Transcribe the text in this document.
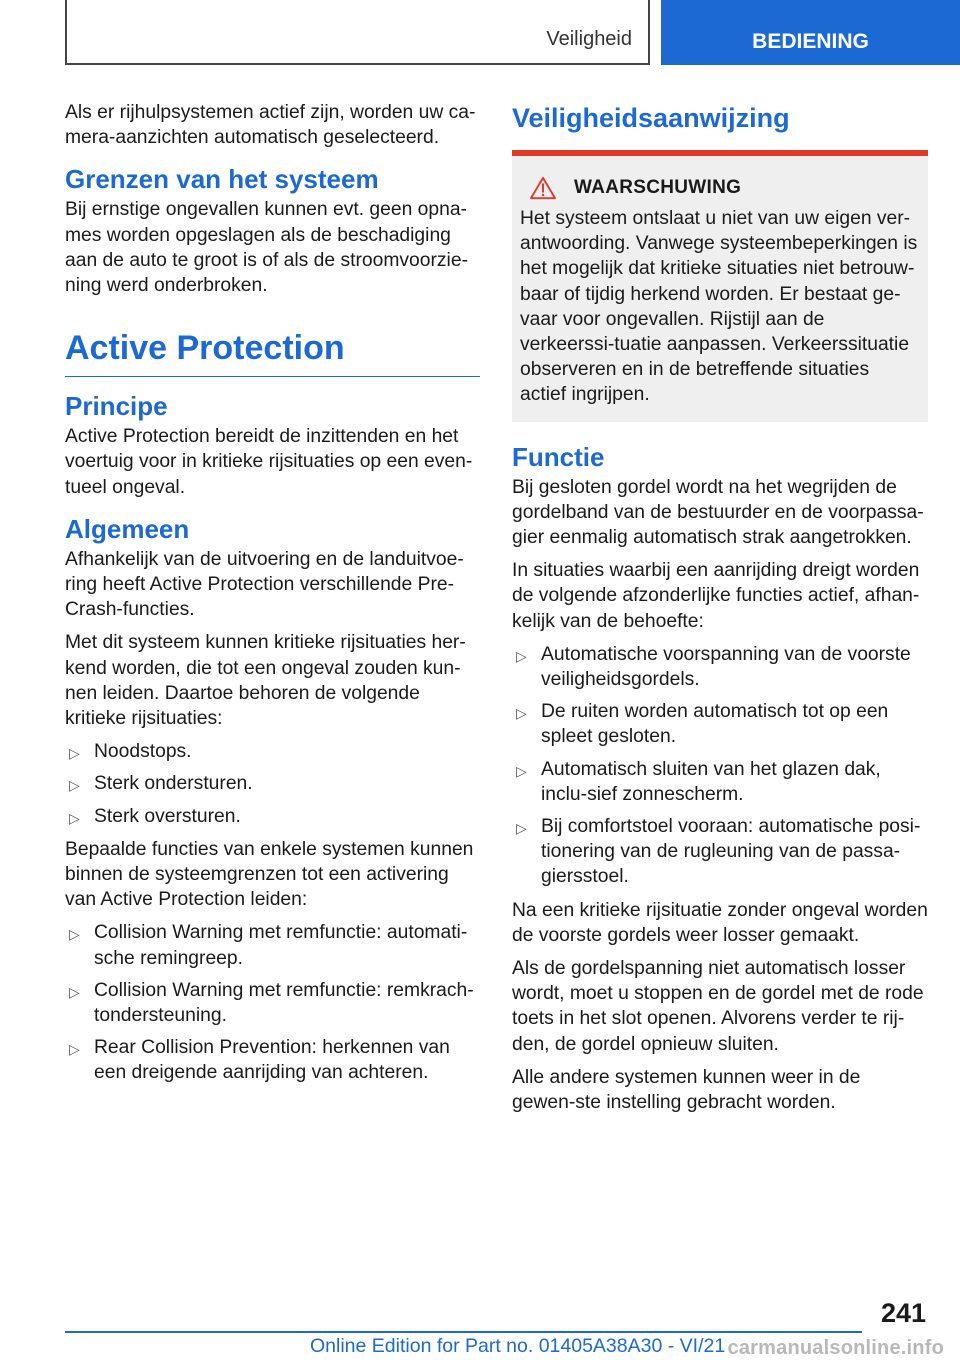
Veiligheid	BEDIENING

Als er rijhulpsystemen actief zijn, worden uw ca-mera-aanzichten automatisch geselecteerd.

Grenzen van het systeem

Bij ernstige ongevallen kunnen evt. geen opna-mes worden opgeslagen als de beschadiging aan de auto te groot is of als de stroomvoorzie-ning werd onderbroken.

Active Protection
Principe

Active Protection bereidt de inzittenden en het voertuig voor in kritieke rijsituaties op een even-tueel ongeval.

Algemeen

Afhankelijk van de uitvoering en de landuitvoe-ring heeft Active Protection verschillende Pre-Crash-functies.

Met dit systeem kunnen kritieke rijsituaties her-kend worden, die tot een ongeval zouden kun-nen leiden. Daartoe behoren de volgende kritieke rijsituaties:

▷ Noodstops.
▷ Sterk ondersturen.
▷ Sterk oversturen.

Bepaalde functies van enkele systemen kunnen binnen de systeemgrenzen tot een activering van Active Protection leiden:

▷ Collision Warning met remfunctie: automati-sche remingreep.
▷ Collision Warning met remfunctie: remkrach-tondersteuning.
▷ Rear Collision Prevention: herkennen van een dreigende aanrijding van achteren.
Veiligheidsaanwijzing
WAARSCHUWING

Het systeem ontslaat u niet van uw eigen ver-antwoording. Vanwege systeembeperkingen is het mogelijk dat kritieke situaties niet betrouw-baar of tijdig herkend worden. Er bestaat ge-vaar voor ongevallen. Rijstijl aan de verkeerssi-tuatie aanpassen. Verkeerssituatie observeren en in de betreffende situaties actief ingrijpen.

Functie

Bij gesloten gordel wordt na het wegrijden de gordelband van de bestuurder en de voorpassa-gier eenmalig automatisch strak aangetrokken.

In situaties waarbij een aanrijding dreigt worden de volgende afzonderlijke functies actief, afhan-kelijk van de behoefte:

▷ Automatische voorspanning van de voorste veiligheidsgordels.
▷ De ruiten worden automatisch tot op een spleet gesloten.
▷ Automatisch sluiten van het glazen dak, inclu-sief zonnescherm.
▷ Bij comfortstoel vooraan: automatische posi-tionering van de rugleuning van de passa-giersstoel.

Na een kritieke rijsituatie zonder ongeval worden de voorste gordels weer losser gemaakt.

Als de gordelspanning niet automatisch losser wordt, moet u stoppen en de gordel met de rode toets in het slot openen. Alvorens verder te rij-den, de gordel opnieuw sluiten.

Alle andere systemen kunnen weer in de gewen-ste instelling gebracht worden.

241
Online Edition for Part no. 01405A38A30 - VI/21 carmanualsonline.info
